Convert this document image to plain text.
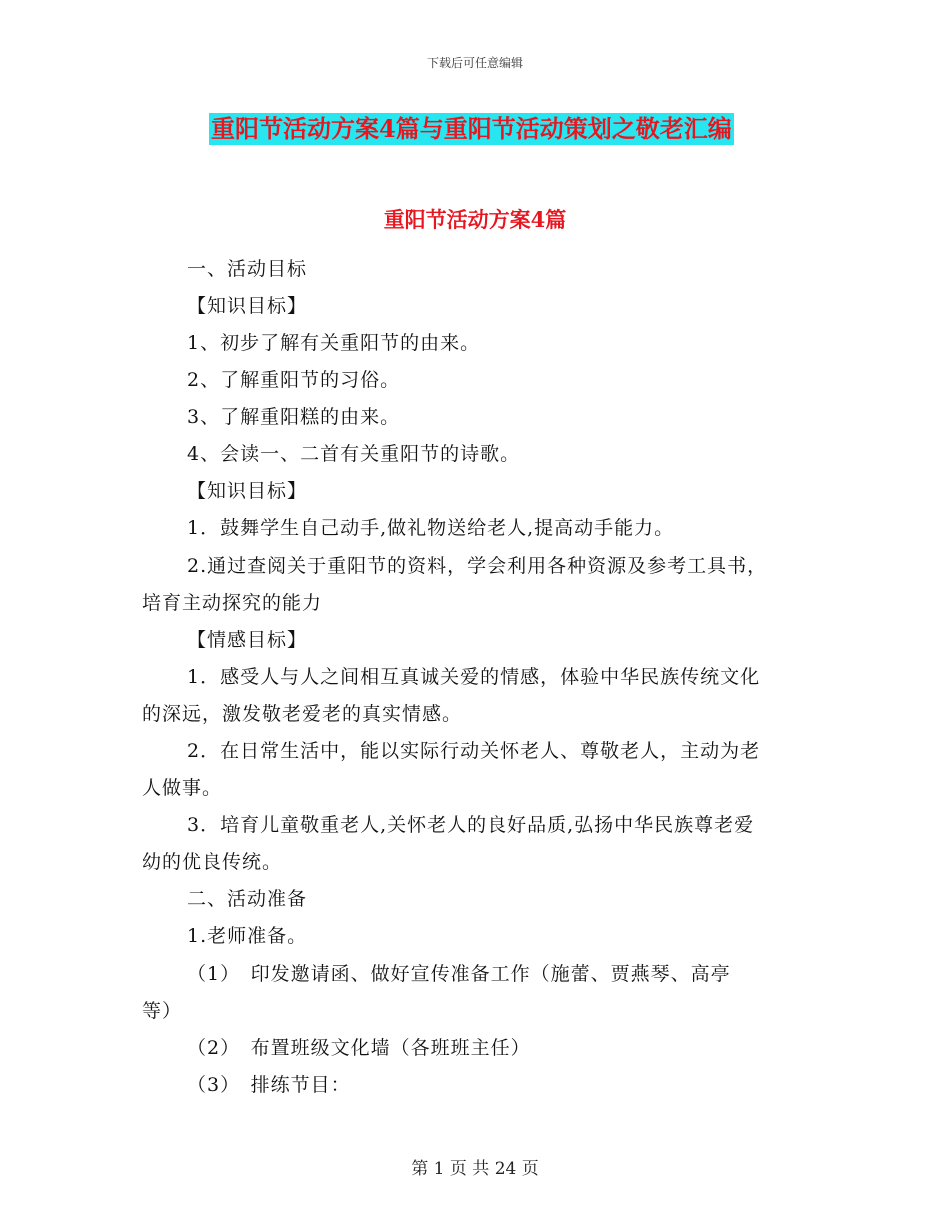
下载后可任意编辑
重阳节活动方案4篇与重阳节活动策划之敬老汇编
重阳节活动方案4篇
一、活动目标
【知识目标】
1、初步了解有关重阳节的由来。
2、了解重阳节的习俗。
3、了解重阳糕的由来。
4、会读一、二首有关重阳节的诗歌。
【知识目标】
1．鼓舞学生自己动手,做礼物送给老人,提高动手能力。
2.通过查阅关于重阳节的资料，学会利用各种资源及参考工具书，
培育主动探究的能力
【情感目标】
1．感受人与人之间相互真诚关爱的情感，体验中华民族传统文化
的深远，激发敬老爱老的真实情感。
2．在日常生活中，能以实际行动关怀老人、尊敬老人，主动为老
人做事。
3．培育儿童敬重老人,关怀老人的良好品质,弘扬中华民族尊老爱
幼的优良传统。
二、活动准备
1.老师准备。
（1）　印发邀请函、做好宣传准备工作（施蕾、贾燕琴、高亭
等）
（2）　布置班级文化墙（各班班主任）
（3）　排练节目：
第 1 页 共 24 页
